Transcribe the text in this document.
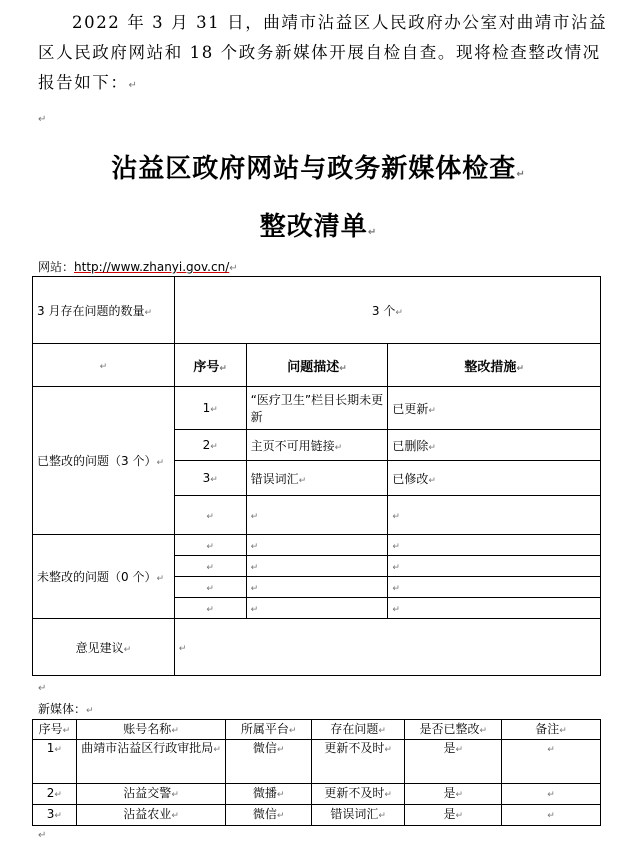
2022 年 3 月 31 日，曲靖市沾益区人民政府办公室对曲靖市沾益区人民政府网站和 18 个政务新媒体开展自检自查。现将检查整改情况报告如下：↵
↵
沾益区政府网站与政务新媒体检查↵
整改清单↵
网站：http://www.zhanyi.gov.cn/↵
3 月存在问题的数量↵	3 个↵		
↵	序号↵	问题描述↵	整改措施↵
已整改的问题（3 个）↵	1↵	“医疗卫生”栏目长期未更新	已更新↵
	2↵	主页不可用链接↵	已删除↵
	3↵	错误词汇↵	已修改↵
	↵	↵	↵
未整改的问题（0 个）↵	↵	↵	↵
	↵	↵	↵
	↵	↵	↵
	↵	↵	↵
意见建议↵	↵		
↵
新媒体：↵
序号↵	账号名称↵	所属平台↵	存在问题↵	是否已整改↵	备注↵
1↵	曲靖市沾益区行政审批局↵	微信↵	更新不及时↵	是↵	↵
2↵	沾益交警↵	微播↵	更新不及时↵	是↵	↵
3↵	沾益农业↵	微信↵	错误词汇↵	是↵	↵
↵
